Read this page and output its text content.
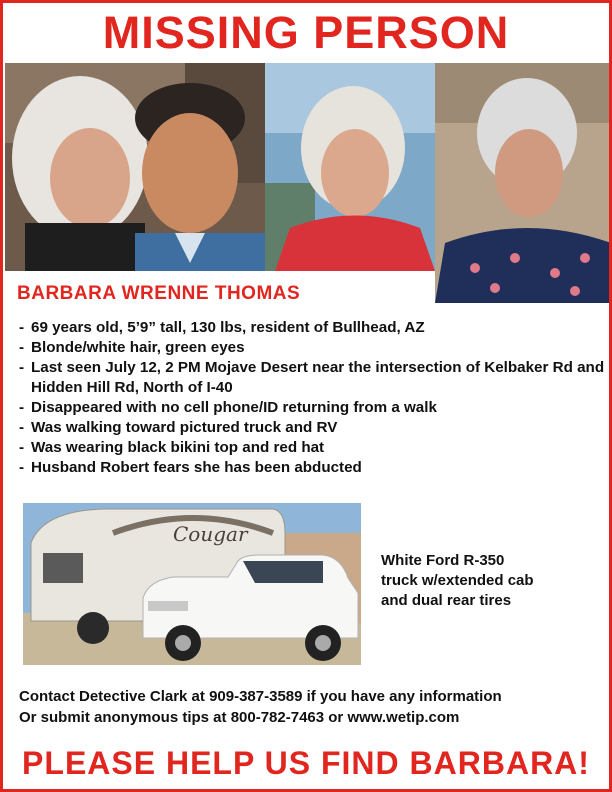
MISSING PERSON
BARBARA WRENNE THOMAS
- 69 years old, 5’9” tall, 130 lbs, resident of Bullhead, AZ
- Blonde/white hair, green eyes
- Last seen July 12, 2 PM Mojave Desert near the intersection of Kelbaker Rd and Hidden Hill Rd, North of I-40
- Disappeared with no cell phone/ID returning from a walk
- Was walking toward pictured truck and RV
- Was wearing black bikini top and red hat
- Husband Robert fears she has been abducted
Cougar
White Ford R-350
truck w/extended cab
and dual rear tires
Contact Detective Clark at 909-387-3589 if you have any information
Or submit anonymous tips at 800-782-7463 or www.wetip.com
PLEASE HELP US FIND BARBARA!
